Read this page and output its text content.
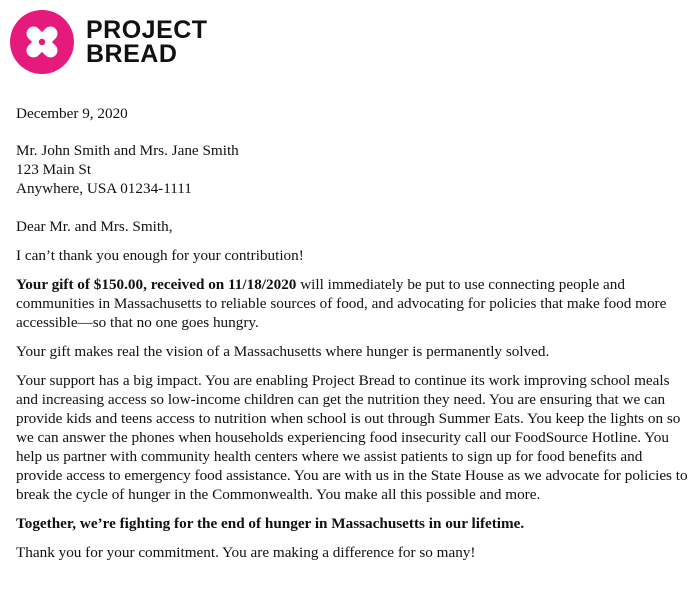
PROJECT
BREAD

December 9, 2020

Mr. John Smith and Mrs. Jane Smith
123 Main St
Anywhere, USA 01234-1111

Dear Mr. and Mrs. Smith,

I can’t thank you enough for your contribution!

Your gift of $150.00, received on 11/18/2020 will immediately be put to use connecting people and communities in Massachusetts to reliable sources of food, and advocating for policies that make food more accessible—so that no one goes hungry.

Your gift makes real the vision of a Massachusetts where hunger is permanently solved.

Your support has a big impact. You are enabling Project Bread to continue its work improving school meals and increasing access so low-income children can get the nutrition they need. You are ensuring that we can provide kids and teens access to nutrition when school is out through Summer Eats. You keep the lights on so we can answer the phones when households experiencing food insecurity call our FoodSource Hotline. You help us partner with community health centers where we assist patients to sign up for food benefits and provide access to emergency food assistance. You are with us in the State House as we advocate for policies to break the cycle of hunger in the Commonwealth. You make all this possible and more.

Together, we’re fighting for the end of hunger in Massachusetts in our lifetime.

Thank you for your commitment. You are making a difference for so many!
